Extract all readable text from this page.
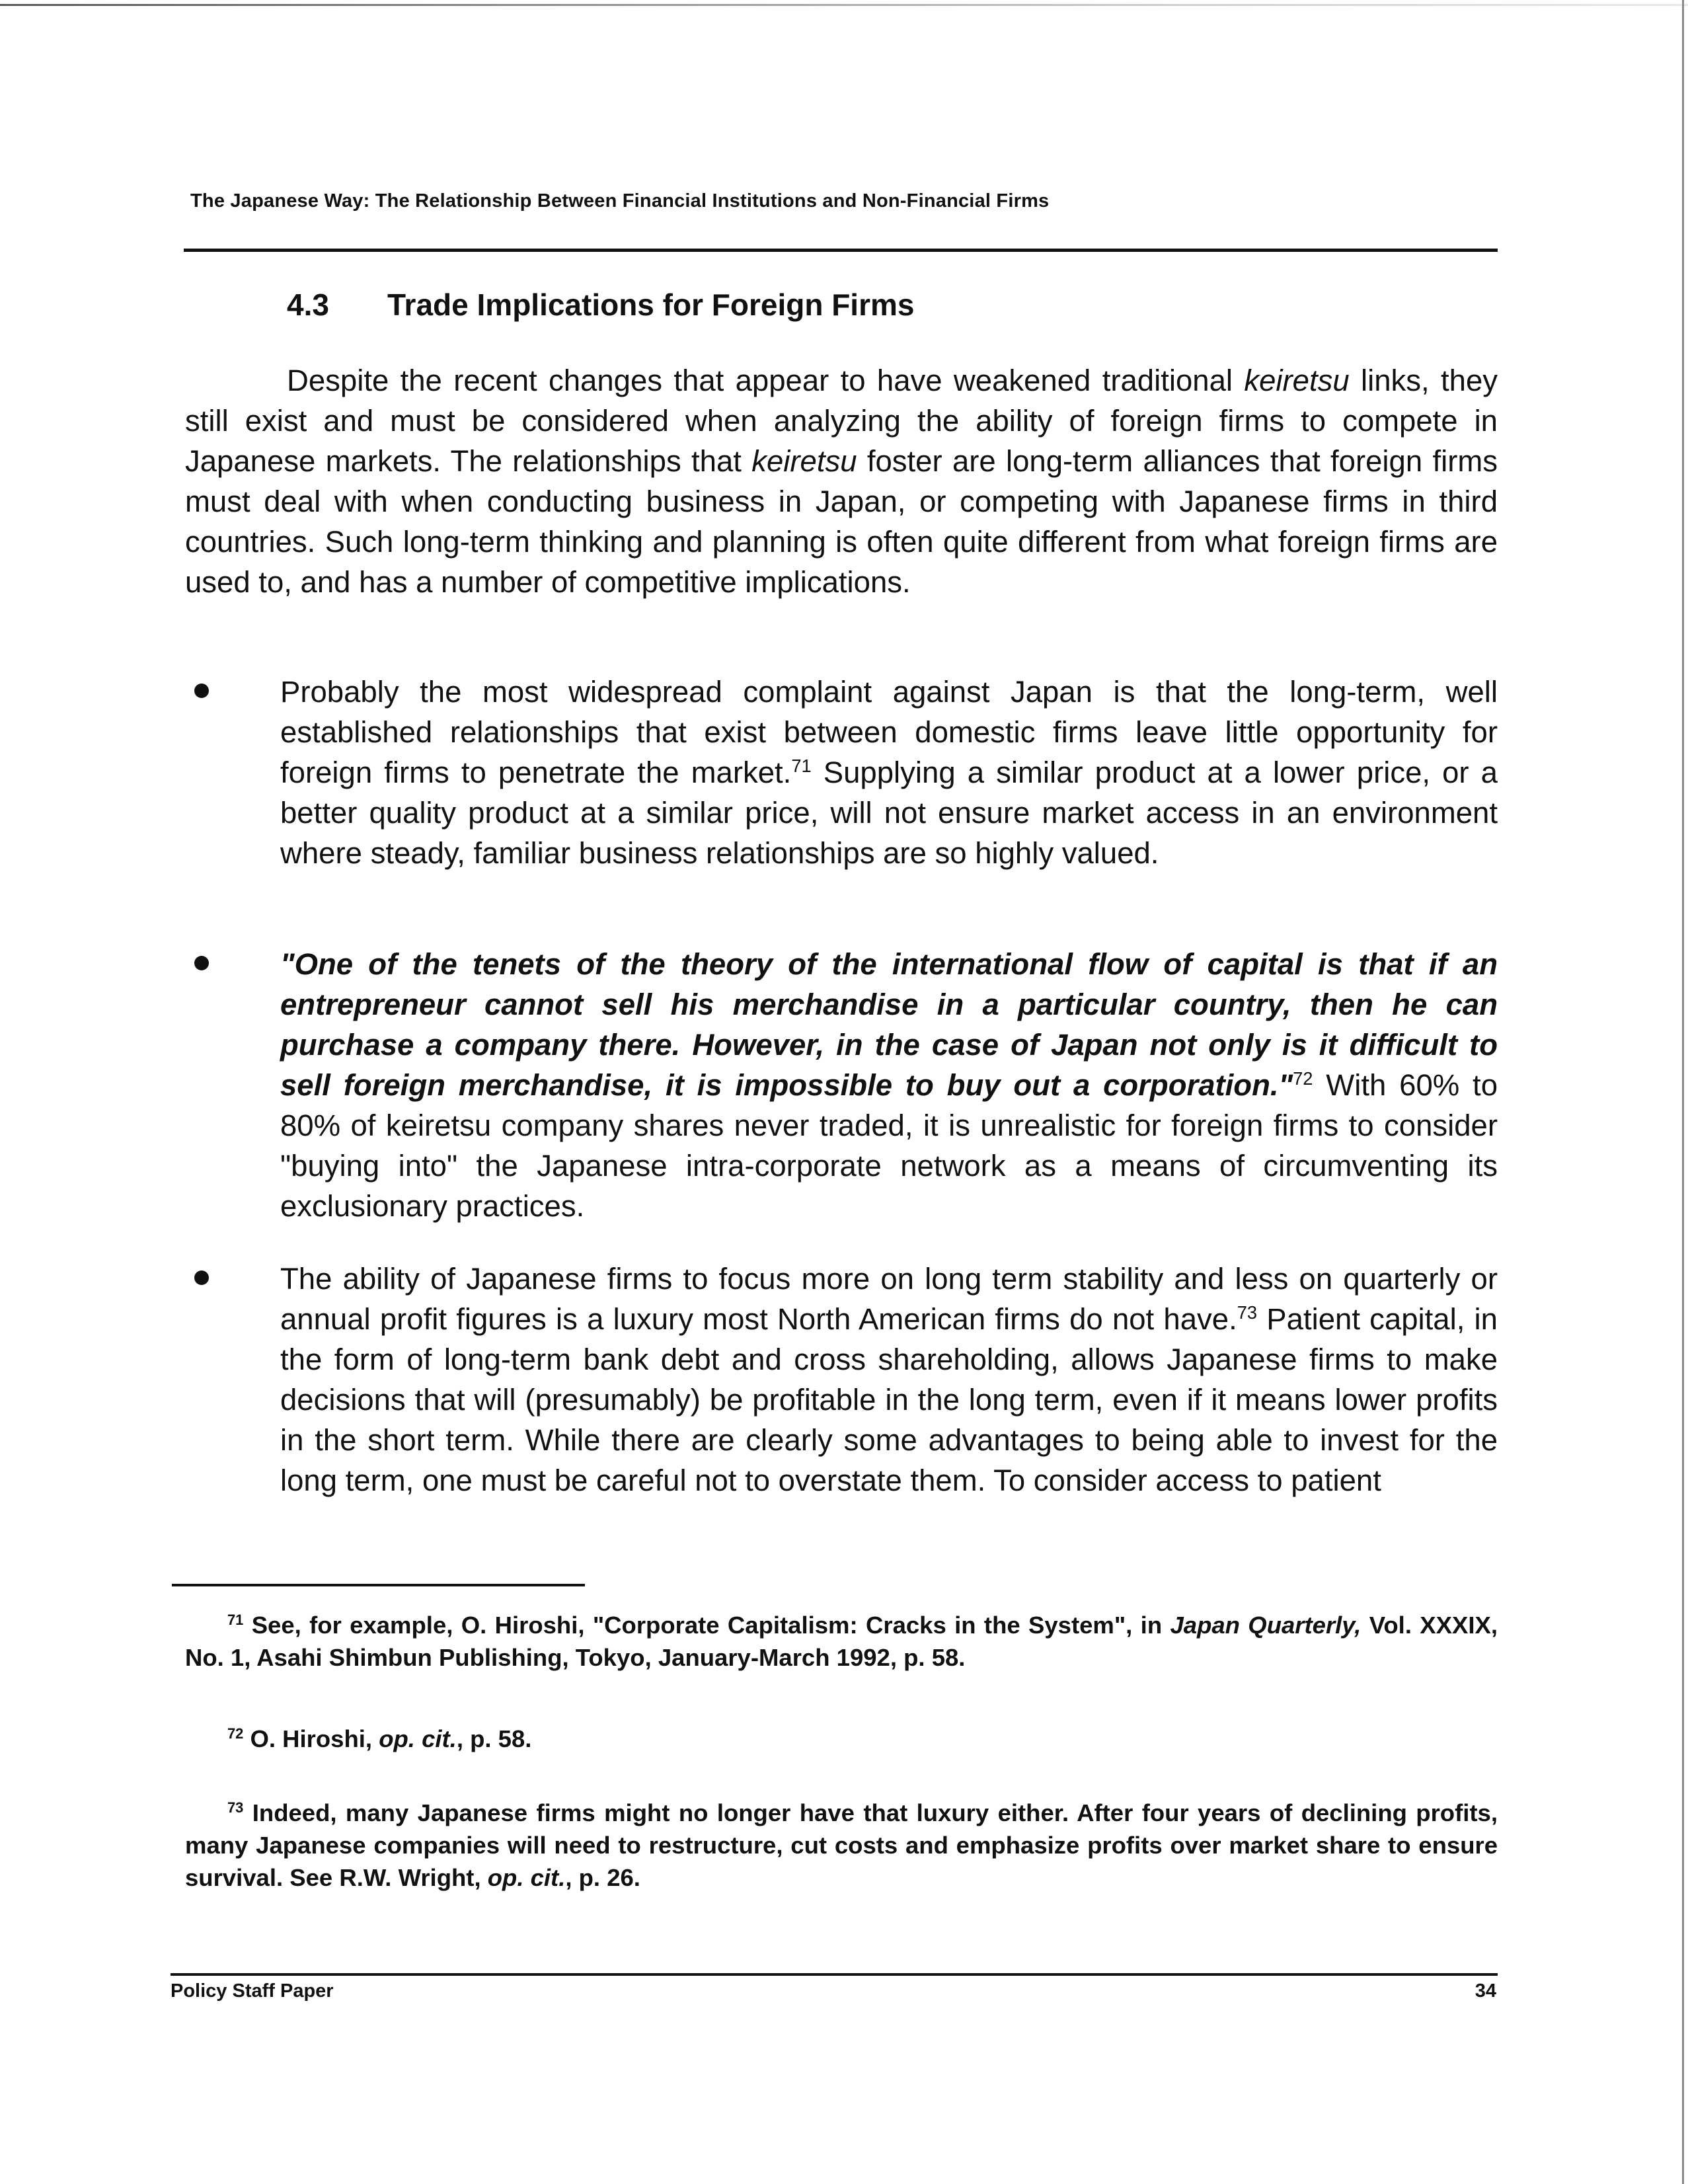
The Japanese Way: The Relationship Between Financial Institutions and Non-Financial Firms
4.3 Trade Implications for Foreign Firms

Despite the recent changes that appear to have weakened traditional keiretsu links, they still exist and must be considered when analyzing the ability of foreign firms to compete in Japanese markets. The relationships that keiretsu foster are long-term alliances that foreign firms must deal with when conducting business in Japan, or competing with Japanese firms in third countries. Such long-term thinking and planning is often quite different from what foreign firms are used to, and has a number of competitive implications.

Probably the most widespread complaint against Japan is that the long-term, well established relationships that exist between domestic firms leave little opportunity for foreign firms to penetrate the market.$^{71}$ Supplying a similar product at a lower price, or a better quality product at a similar price, will not ensure market access in an environment where steady, familiar business relationships are so highly valued.

"One of the tenets of the theory of the international flow of capital is that if an entrepreneur cannot sell his merchandise in a particular country, then he can purchase a company there. However, in the case of Japan not only is it difficult to sell foreign merchandise, it is impossible to buy out a corporation."$^{72}$ With 60% to 80% of keiretsu company shares never traded, it is unrealistic for foreign firms to consider "buying into" the Japanese intra-corporate network as a means of circumventing its exclusionary practices.

The ability of Japanese firms to focus more on long term stability and less on quarterly or annual profit figures is a luxury most North American firms do not have.$^{73}$ Patient capital, in the form of long-term bank debt and cross shareholding, allows Japanese firms to make decisions that will (presumably) be profitable in the long term, even if it means lower profits in the short term. While there are clearly some advantages to being able to invest for the long term, one must be careful not to overstate them. To consider access to patient

$^{71}$ See, for example, O. Hiroshi, "Corporate Capitalism: Cracks in the System", in Japan Quarterly, Vol. XXXIX, No. 1, Asahi Shimbun Publishing, Tokyo, January-March 1992, p. 58.

$^{72}$ O. Hiroshi, op. cit., p. 58.

$^{73}$ Indeed, many Japanese firms might no longer have that luxury either. After four years of declining profits, many Japanese companies will need to restructure, cut costs and emphasize profits over market share to ensure survival. See R.W. Wright, op. cit., p. 26.

Policy Staff Paper	34
